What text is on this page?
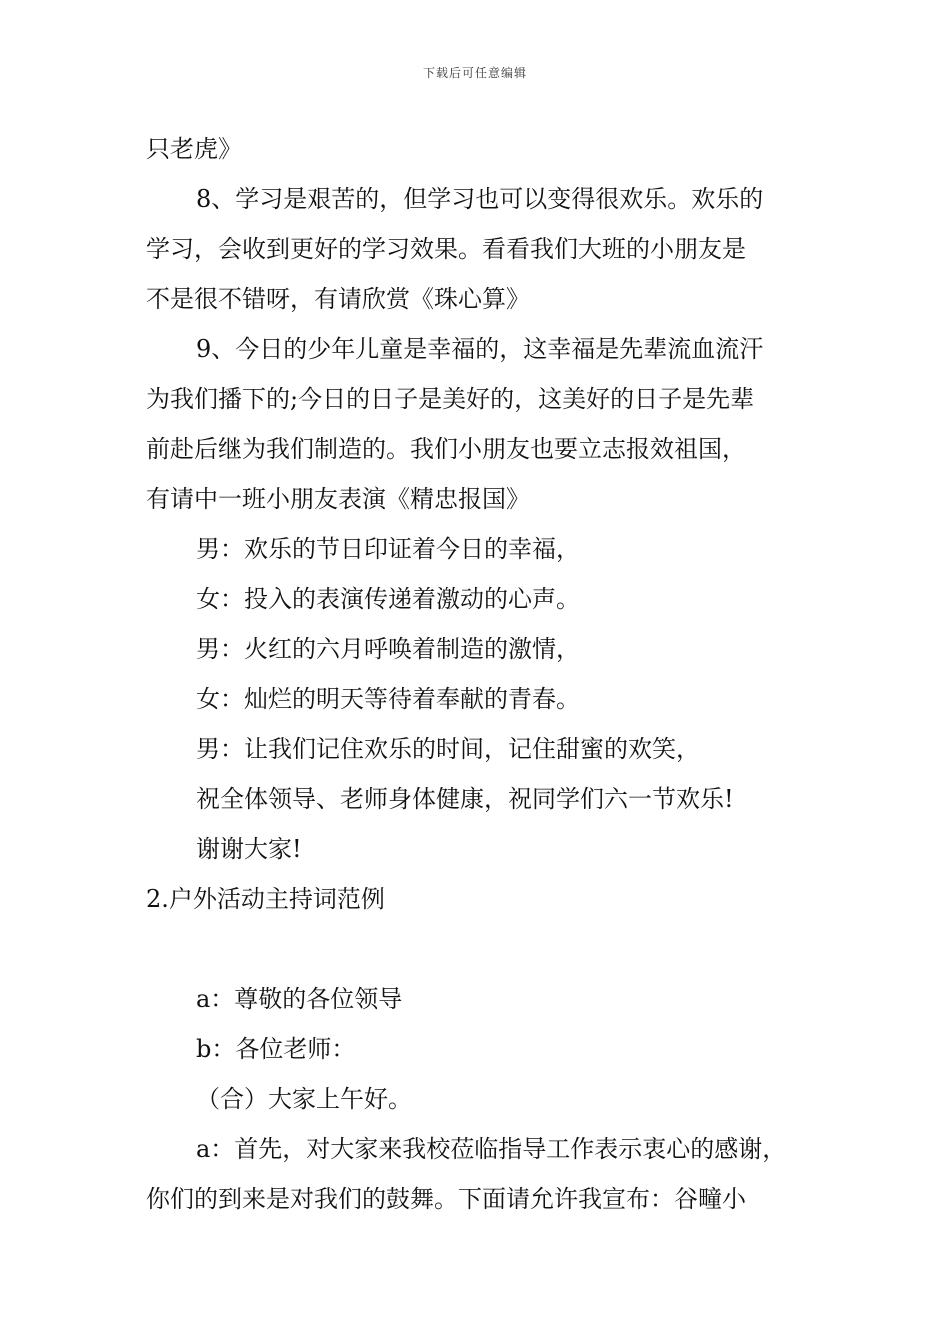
下载后可任意编辑
只老虎》
8、学习是艰苦的，但学习也可以变得很欢乐。欢乐的
学习，会收到更好的学习效果。看看我们大班的小朋友是
不是很不错呀，有请欣赏《珠心算》
9、今日的少年儿童是幸福的，这幸福是先辈流血流汗
为我们播下的;今日的日子是美好的，这美好的日子是先辈
前赴后继为我们制造的。我们小朋友也要立志报效祖国，
有请中一班小朋友表演《精忠报国》
男：欢乐的节日印证着今日的幸福，
女：投入的表演传递着激动的心声。
男：火红的六月呼唤着制造的激情，
女：灿烂的明天等待着奉献的青春。
男：让我们记住欢乐的时间，记住甜蜜的欢笑，
祝全体领导、老师身体健康，祝同学们六一节欢乐!
谢谢大家!
2.户外活动主持词范例
a：尊敬的各位领导
b：各位老师：
（合）大家上午好。
a：首先，对大家来我校莅临指导工作表示衷心的感谢，
你们的到来是对我们的鼓舞。下面请允许我宣布：谷疃小
